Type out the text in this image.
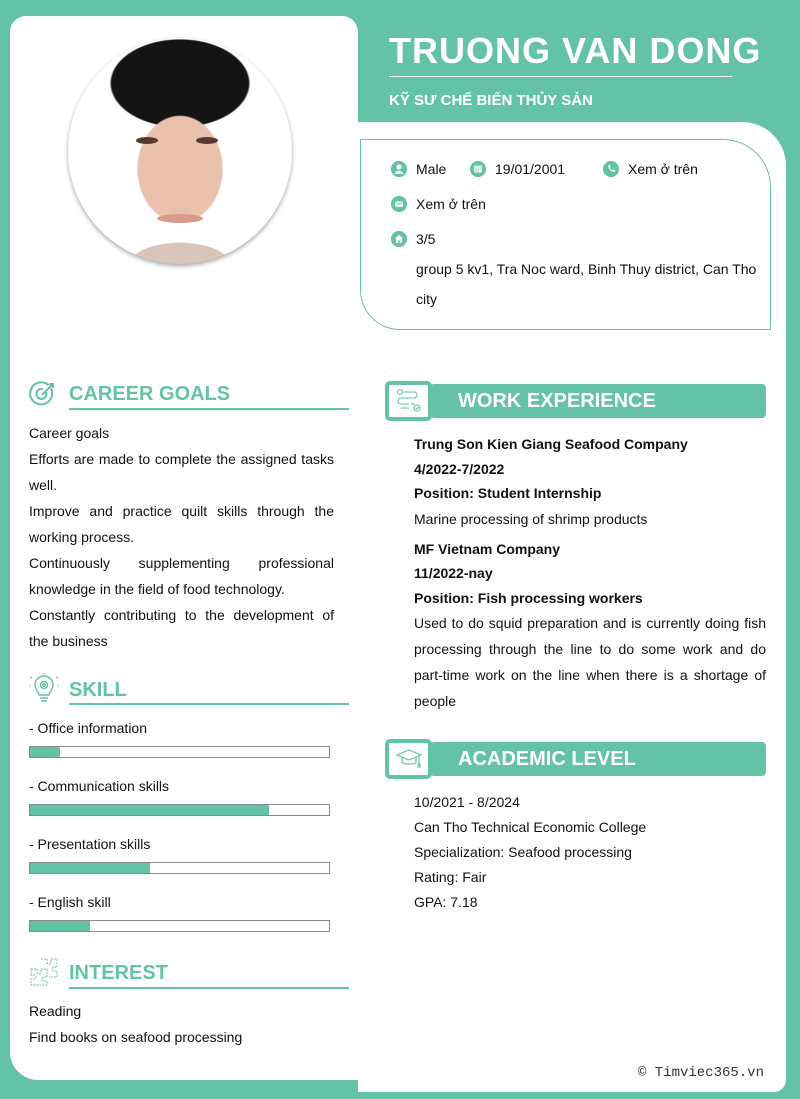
TRUONG VAN DONG
KỸ SƯ CHẾ BIẾN THỦY SẢN
Male	19/01/2001	Xem ở trên
Xem ở trên
3/5
group 5 kv1, Tra Noc ward, Binh Thuy district, Can Tho
city
CAREER GOALS
Career goals
Efforts are made to complete the assigned tasks
well.
Improve and practice quilt skills through the
working process.
Continuously supplementing professional
knowledge in the field of food technology.
Constantly contributing to the development of
the business
SKILL
- Office information
- Communication skills
- Presentation skills
- English skill
INTEREST
Reading
Find books on seafood processing
WORK EXPERIENCE
Trung Son Kien Giang Seafood Company
4/2022-7/2022
Position: Student Internship
Marine processing of shrimp products
MF Vietnam Company
11/2022-nay
Position: Fish processing workers
Used to do squid preparation and is currently doing fish
processing through the line to do some work and do
part-time work on the line when there is a shortage of
people
ACADEMIC LEVEL
10/2021 - 8/2024
Can Tho Technical Economic College
Specialization: Seafood processing
Rating: Fair
GPA: 7.18
© Timviec365.vn
